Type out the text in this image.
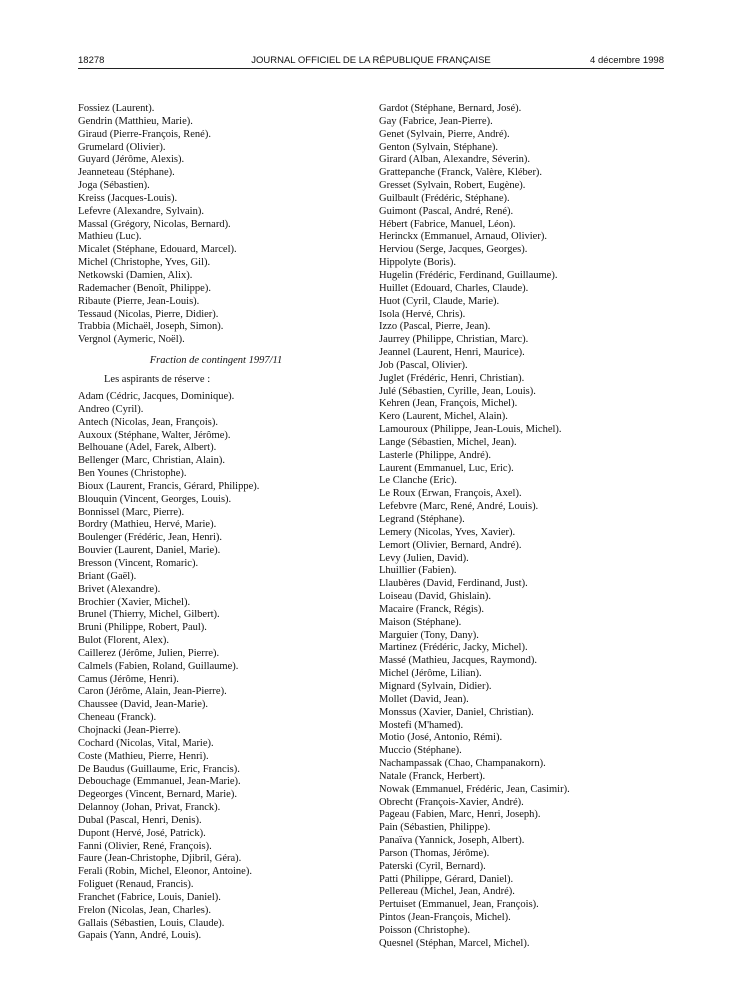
18278	JOURNAL OFFICIEL DE LA RÉPUBLIQUE FRANÇAISE	4 décembre 1998
Fossiez (Laurent).
Gendrin (Matthieu, Marie).
Giraud (Pierre-François, René).
Grumelard (Olivier).
Guyard (Jérôme, Alexis).
Jeanneteau (Stéphane).
Joga (Sébastien).
Kreiss (Jacques-Louis).
Lefevre (Alexandre, Sylvain).
Massal (Grégory, Nicolas, Bernard).
Mathieu (Luc).
Micalet (Stéphane, Edouard, Marcel).
Michel (Christophe, Yves, Gil).
Netkowski (Damien, Alix).
Rademacher (Benoît, Philippe).
Ribaute (Pierre, Jean-Louis).
Tessaud (Nicolas, Pierre, Didier).
Trabbia (Michaël, Joseph, Simon).
Vergnol (Aymeric, Noël).
Fraction de contingent 1997/11
Les aspirants de réserve :
Adam (Cédric, Jacques, Dominique).
Andreo (Cyril).
Antech (Nicolas, Jean, François).
Auxoux (Stéphane, Walter, Jérôme).
Belhouane (Adel, Farek, Albert).
Bellenger (Marc, Christian, Alain).
Ben Younes (Christophe).
Bioux (Laurent, Francis, Gérard, Philippe).
Blouquin (Vincent, Georges, Louis).
Bonnissel (Marc, Pierre).
Bordry (Mathieu, Hervé, Marie).
Boulenger (Frédéric, Jean, Henri).
Bouvier (Laurent, Daniel, Marie).
Bresson (Vincent, Romaric).
Briant (Gaël).
Brivet (Alexandre).
Brochier (Xavier, Michel).
Brunel (Thierry, Michel, Gilbert).
Bruni (Philippe, Robert, Paul).
Bulot (Florent, Alex).
Caillerez (Jérôme, Julien, Pierre).
Calmels (Fabien, Roland, Guillaume).
Camus (Jérôme, Henri).
Caron (Jérôme, Alain, Jean-Pierre).
Chaussee (David, Jean-Marie).
Cheneau (Franck).
Chojnacki (Jean-Pierre).
Cochard (Nicolas, Vital, Marie).
Coste (Mathieu, Pierre, Henri).
De Baudus (Guillaume, Eric, Francis).
Debouchage (Emmanuel, Jean-Marie).
Degeorges (Vincent, Bernard, Marie).
Delannoy (Johan, Privat, Franck).
Dubal (Pascal, Henri, Denis).
Dupont (Hervé, José, Patrick).
Fanni (Olivier, René, François).
Faure (Jean-Christophe, Djibril, Géra).
Ferali (Robin, Michel, Eleonor, Antoine).
Foliguet (Renaud, Francis).
Franchet (Fabrice, Louis, Daniel).
Frelon (Nicolas, Jean, Charles).
Gallais (Sébastien, Louis, Claude).
Gapais (Yann, André, Louis).
Gardot (Stéphane, Bernard, José).
Gay (Fabrice, Jean-Pierre).
Genet (Sylvain, Pierre, André).
Genton (Sylvain, Stéphane).
Girard (Alban, Alexandre, Séverin).
Grattepanche (Franck, Valère, Kléber).
Gresset (Sylvain, Robert, Eugène).
Guilbault (Frédéric, Stéphane).
Guimont (Pascal, André, René).
Hébert (Fabrice, Manuel, Léon).
Herinckx (Emmanuel, Arnaud, Olivier).
Herviou (Serge, Jacques, Georges).
Hippolyte (Boris).
Hugelin (Frédéric, Ferdinand, Guillaume).
Huillet (Edouard, Charles, Claude).
Huot (Cyril, Claude, Marie).
Isola (Hervé, Chris).
Izzo (Pascal, Pierre, Jean).
Jaurrey (Philippe, Christian, Marc).
Jeannel (Laurent, Henri, Maurice).
Job (Pascal, Olivier).
Juglet (Frédéric, Henri, Christian).
Julé (Sébastien, Cyrille, Jean, Louis).
Kehren (Jean, François, Michel).
Kero (Laurent, Michel, Alain).
Lamouroux (Philippe, Jean-Louis, Michel).
Lange (Sébastien, Michel, Jean).
Lasterle (Philippe, André).
Laurent (Emmanuel, Luc, Eric).
Le Clanche (Eric).
Le Roux (Erwan, François, Axel).
Lefebvre (Marc, René, André, Louis).
Legrand (Stéphane).
Lemery (Nicolas, Yves, Xavier).
Lemort (Olivier, Bernard, André).
Levy (Julien, David).
Lhuillier (Fabien).
Llaubères (David, Ferdinand, Just).
Loiseau (David, Ghislain).
Macaire (Franck, Régis).
Maison (Stéphane).
Marguier (Tony, Dany).
Martinez (Frédéric, Jacky, Michel).
Massé (Mathieu, Jacques, Raymond).
Michel (Jérôme, Lilian).
Mignard (Sylvain, Didier).
Mollet (David, Jean).
Monssus (Xavier, Daniel, Christian).
Mostefi (M'hamed).
Motio (José, Antonio, Rémi).
Muccio (Stéphane).
Nachampassak (Chao, Champanakorn).
Natale (Franck, Herbert).
Nowak (Emmanuel, Frédéric, Jean, Casimir).
Obrecht (François-Xavier, André).
Pageau (Fabien, Marc, Henri, Joseph).
Pain (Sébastien, Philippe).
Panaïva (Yannick, Joseph, Albert).
Parson (Thomas, Jérôme).
Paterski (Cyril, Bernard).
Patti (Philippe, Gérard, Daniel).
Pellereau (Michel, Jean, André).
Pertuiset (Emmanuel, Jean, François).
Pintos (Jean-François, Michel).
Poisson (Christophe).
Quesnel (Stéphan, Marcel, Michel).
